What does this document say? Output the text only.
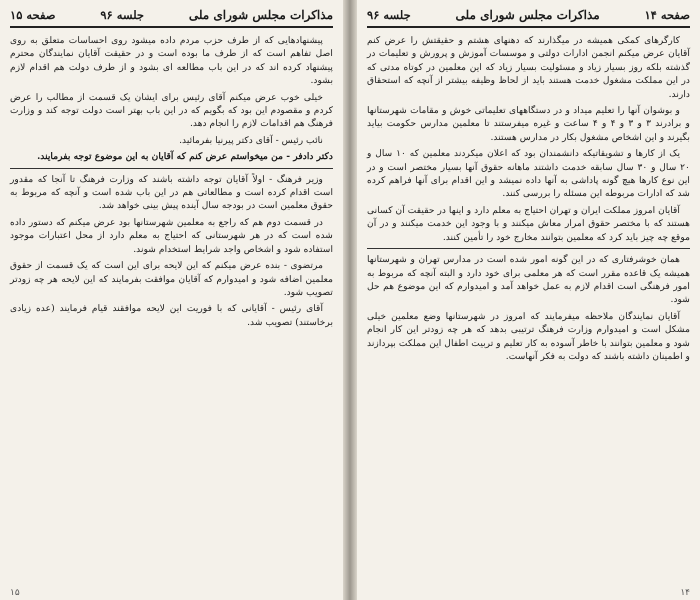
مذاکرات مجلس شورای ملی
جلسه ۹۶
صفحه ۱۵

پیشنهادهایی که از طرف حزب مردم داده میشود روی احساسات متعلق به روی اصل تفاهم است که از طرف ما بوده است و در حقیقت آقایان نمایندگان محترم پیشنهاد کرده اند که در این باب مطالعه ای بشود و از طرف دولت هم اقدام لازم بشود.

خیلی خوب عرض میکنم آقای رئیس برای ایشان یک قسمت از مطالب را عرض کردم و مقصودم این بود که بگویم که در این باب بهتر است دولت توجه کند و وزارت فرهنگ هم اقدامات لازم را انجام دهد.

نائب رئیس - آقای دکتر پیرنیا بفرمائید.

دکتر دادفر - من میخواستم عرض کنم که آقایان به این موضوع توجه بفرمایند.

وزیر فرهنگ - اولاً آقایان توجه داشته باشند که وزارت فرهنگ تا آنجا که مقدور است اقدام کرده است و مطالعاتی هم در این باب شده است و آنچه که مربوط به حقوق معلمین است در بودجه سال آینده پیش بینی خواهد شد.

در قسمت دوم هم که راجع به معلمین شهرستانها بود عرض میکنم که دستور داده شده است که در هر شهرستانی که احتیاج به معلم دارد از محل اعتبارات موجود استفاده شود و اشخاص واجد شرایط استخدام شوند.

مرتضوی - بنده عرض میکنم که این لایحه برای این است که یک قسمت از حقوق معلمین اضافه شود و امیدوارم که آقایان موافقت بفرمایند که این لایحه هر چه زودتر تصویب شود.

آقای رئیس - آقایانی که با فوریت این لایحه موافقند قیام فرمایند (عده زیادی برخاستند) تصویب شد.

۱۵
صفحه ۱۴
مذاکرات مجلس شورای ملی
جلسه ۹۶

کارگرهای کمکی همیشه در میگذارند که دهنهای هشتم و حقیقتش را عرض کنم آقایان عرض میکنم انجمن ادارات دولتی و موسسات آموزش و پرورش و تعلیمات در گذشته بلکه روز بسیار زیاد و مسئولیت بسیار زیاد که این معلمین در کوتاه مدتی که در این مملکت مشغول خدمت هستند باید از لحاظ وظیفه بیشتر از آنچه که استحقاق دارند.

و بوشوان آنها را تعلیم میداد و در دستگاههای تعلیماتی خوش و مقامات شهرستانها و برادرند ۳ و ۳ و ۴ و ۴ ساعت و غیره میفرستند تا معلمین مدارس حکومت بیاید بگیرند و این اشخاص مشغول بکار در مدارس هستند.

یک از کارها و تشویقاتیکه دانشمندان بود که اعلان میکردند معلمین که ۱۰ سال و ۲۰ سال و ۳۰ سال سابقه خدمت داشتند ماهانه حقوق آنها بسیار مختصر است و در این نوع کارها هیچ گونه پاداشی به آنها داده نمیشد و این اقدام برای آنها فراهم کرده شد که ادارات مربوطه این مسئله را بررسی کنند.

آقایان امروز مملکت ایران و تهران احتیاج به معلم دارد و اینها در حقیقت آن کسانی هستند که با مختصر حقوق امرار معاش میکنند و با وجود این خدمت میکنند و در آن موقع چه چیز باید کرد که معلمین بتوانند مخارج خود را تأمین کنند.

همان خوشرفتاری که در این گونه امور شده است در مدارس تهران و شهرستانها همیشه یک قاعده مقرر است که هر معلمی برای خود دارد و البته آنچه که مربوط به امور فرهنگی است اقدام لازم به عمل خواهد آمد و امیدوارم که این موضوع هم حل شود.

آقایان نمایندگان ملاحظه میفرمایند که امروز در شهرستانها وضع معلمین خیلی مشکل است و امیدوارم وزارت فرهنگ ترتیبی بدهد که هر چه زودتر این کار انجام شود و معلمین بتوانند با خاطر آسوده به کار تعلیم و تربیت اطفال این مملکت بپردازند و اطمینان داشته باشند که دولت به فکر آنهاست.

۱۴
